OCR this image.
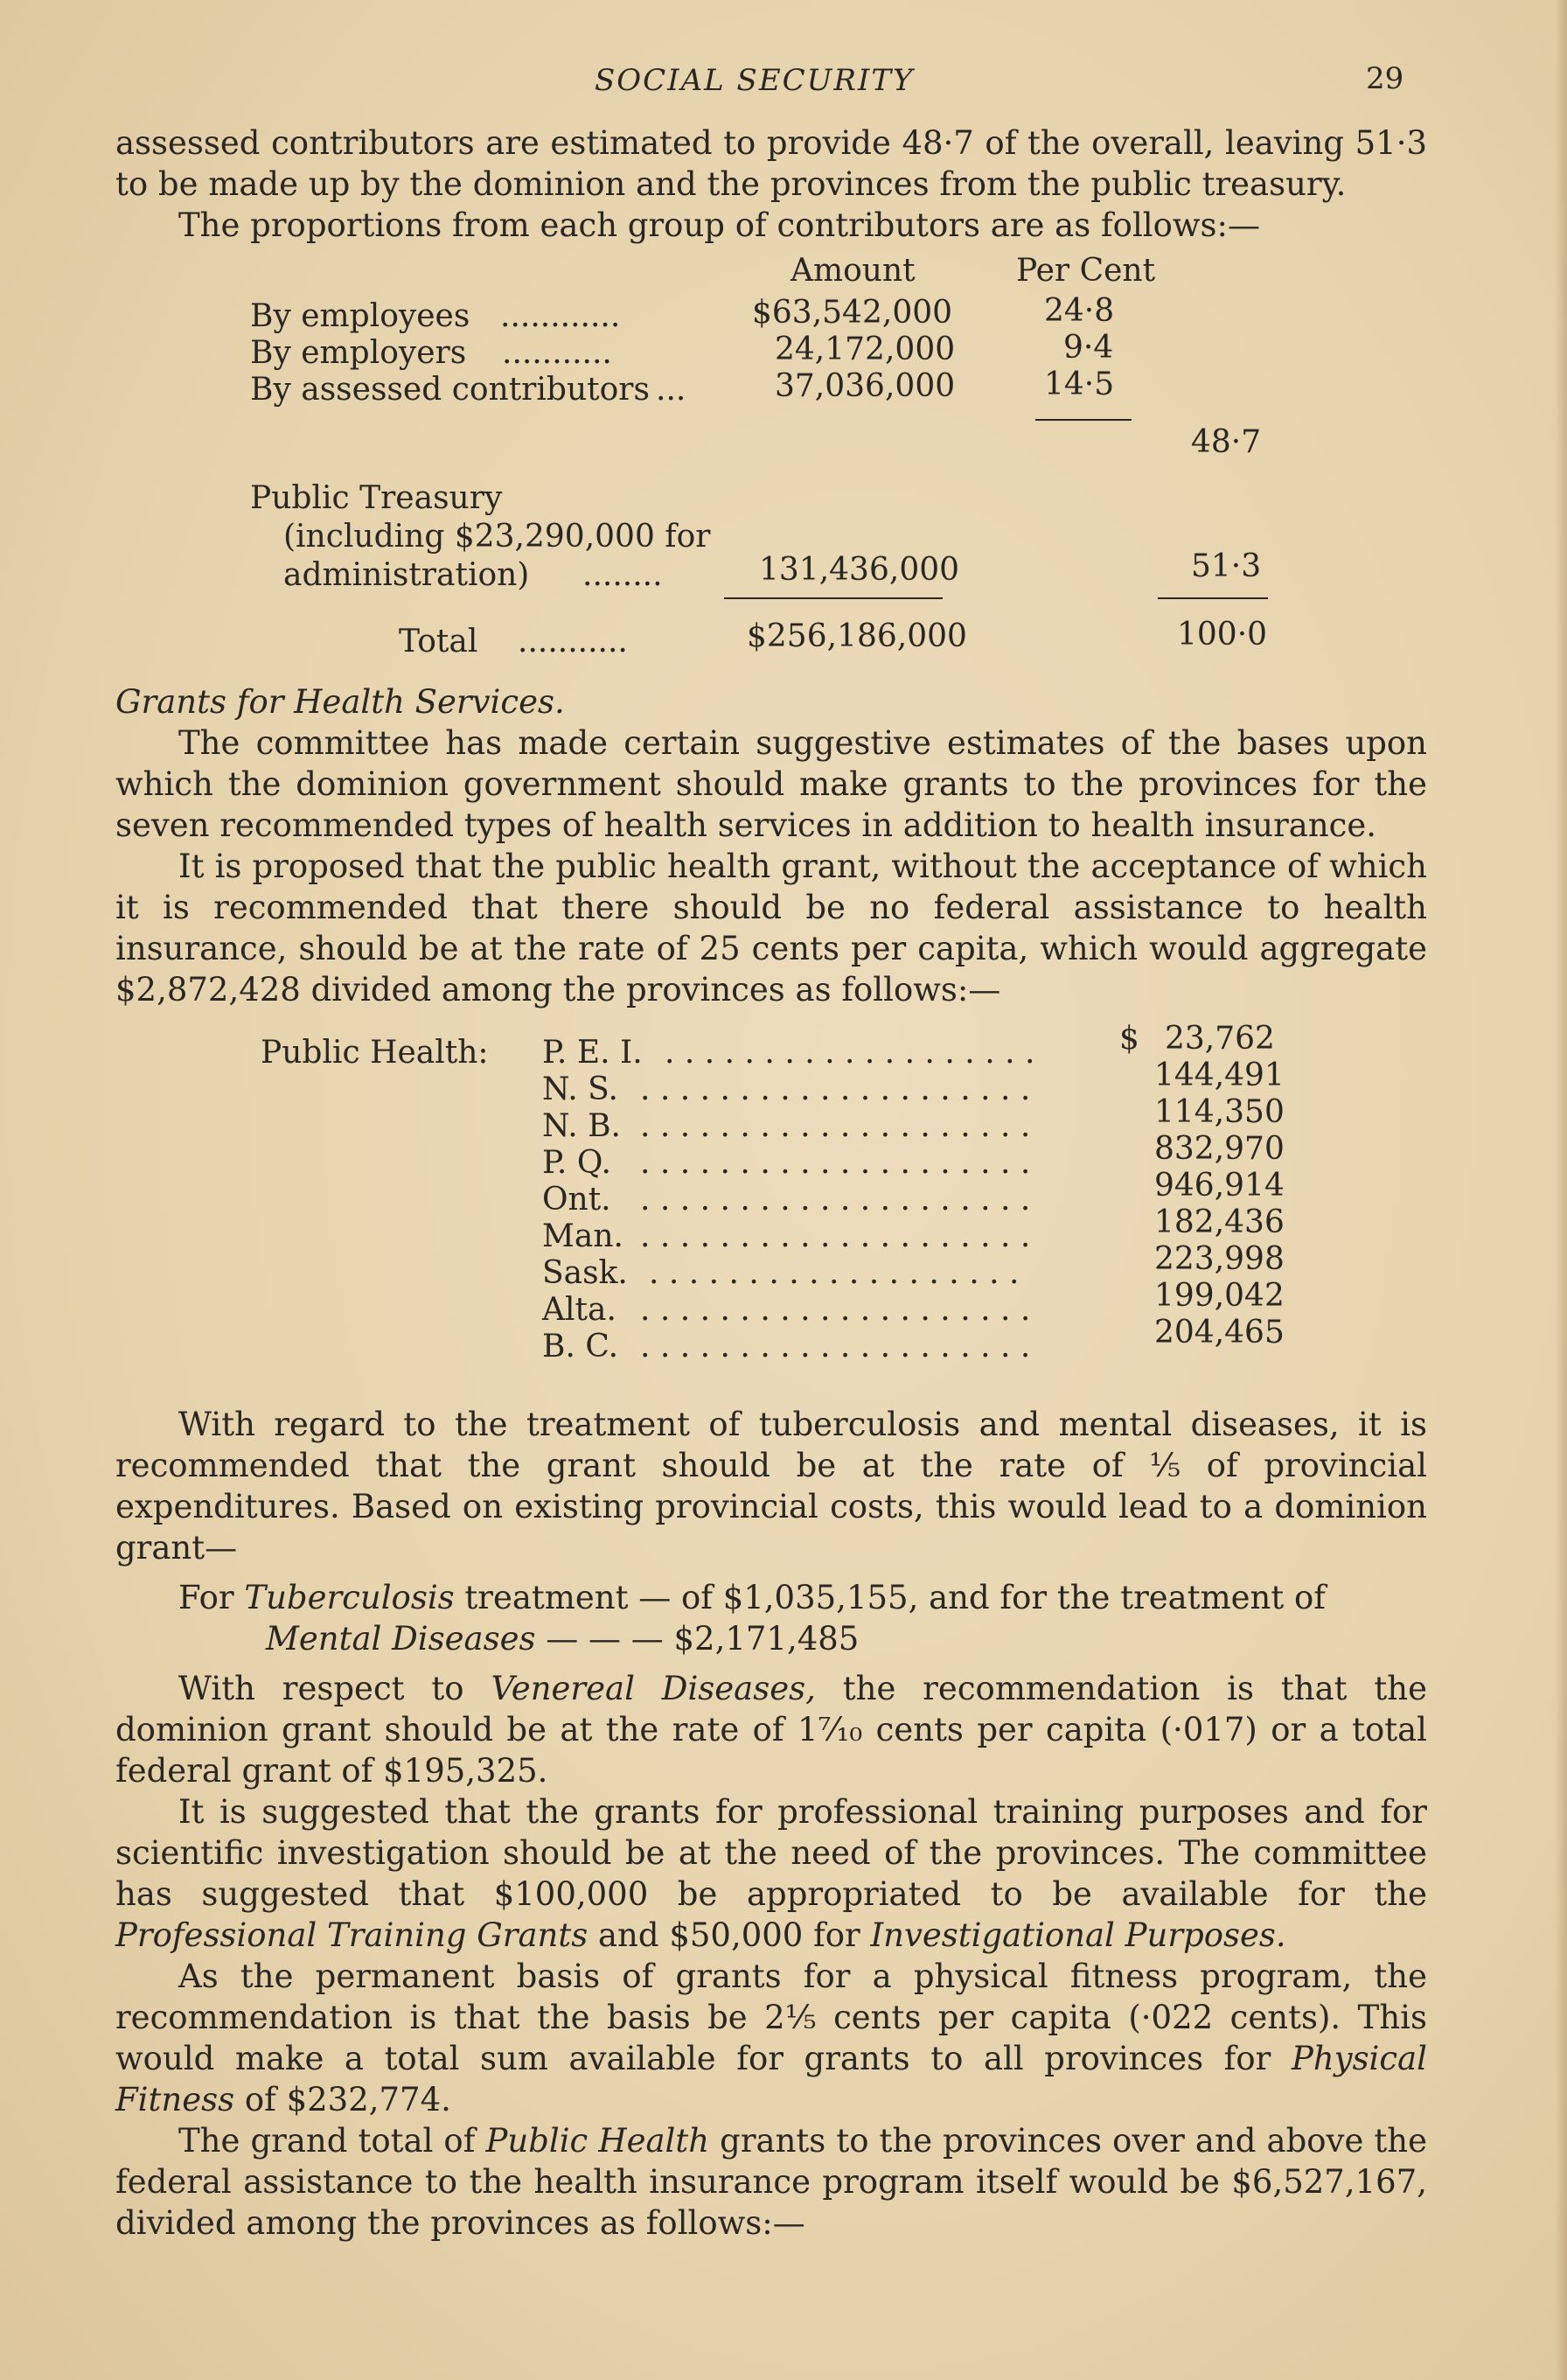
SOCIAL SECURITY	29

assessed contributors are estimated to provide 48·7 of the overall, leaving 51·3 to be made up by the dominion and the provinces from the public treasury.

The proportions from each group of contributors are as follows:—

Amount	Per Cent
By employees ............	$63,542,000	24·8
By employers ...........	24,172,000	9·4
By assessed contributors ...	37,036,000	14·5
48·7
Public Treasury
(including $23,290,000 for
administration) ........	131,436,000	51·3
Total ...........	$256,186,000	100·0
Grants for Health Services.

The committee has made certain suggestive estimates of the bases upon which the dominion government should make grants to the provinces for the seven recommended types of health services in addition to health insurance.

It is proposed that the public health grant, without the acceptance of which it is recommended that there should be no federal assistance to health insurance, should be at the rate of 25 cents per capita, which would aggregate $2,872,428 divided among the provinces as follows:—

Public Health:	$
P. E. I. . . . . . . . . . . . . . . . . . . .	23,762
N. S. . . . . . . . . . . . . . . . . . . . .	144,491
N. B. . . . . . . . . . . . . . . . . . . . .	114,350
P. Q. . . . . . . . . . . . . . . . . . . . .	832,970
Ont. . . . . . . . . . . . . . . . . . . . .	946,914
Man. . . . . . . . . . . . . . . . . . . . .	182,436
Sask. . . . . . . . . . . . . . . . . . . .	223,998
Alta. . . . . . . . . . . . . . . . . . . . .	199,042
B. C. . . . . . . . . . . . . . . . . . . . .	204,465

With regard to the treatment of tuberculosis and mental diseases, it is recommended that the grant should be at the rate of ⅕ of provincial expenditures. Based on existing provincial costs, this would lead to a dominion grant—

For Tuberculosis treatment — of $1,035,155, and for the treatment of
Mental Diseases — — — $2,171,485

With respect to Venereal Diseases, the recommendation is that the dominion grant should be at the rate of 1⁷⁄₁₀ cents per capita (·017) or a total federal grant of $195,325.

It is suggested that the grants for professional training purposes and for scientific investigation should be at the need of the provinces. The committee has suggested that $100,000 be appropriated to be available for the Professional Training Grants and $50,000 for Investigational Purposes.

As the permanent basis of grants for a physical fitness program, the recommendation is that the basis be 2⅕ cents per capita (·022 cents). This would make a total sum available for grants to all provinces for Physical Fitness of $232,774.

The grand total of Public Health grants to the provinces over and above the federal assistance to the health insurance program itself would be $6,527,167, divided among the provinces as follows:—
